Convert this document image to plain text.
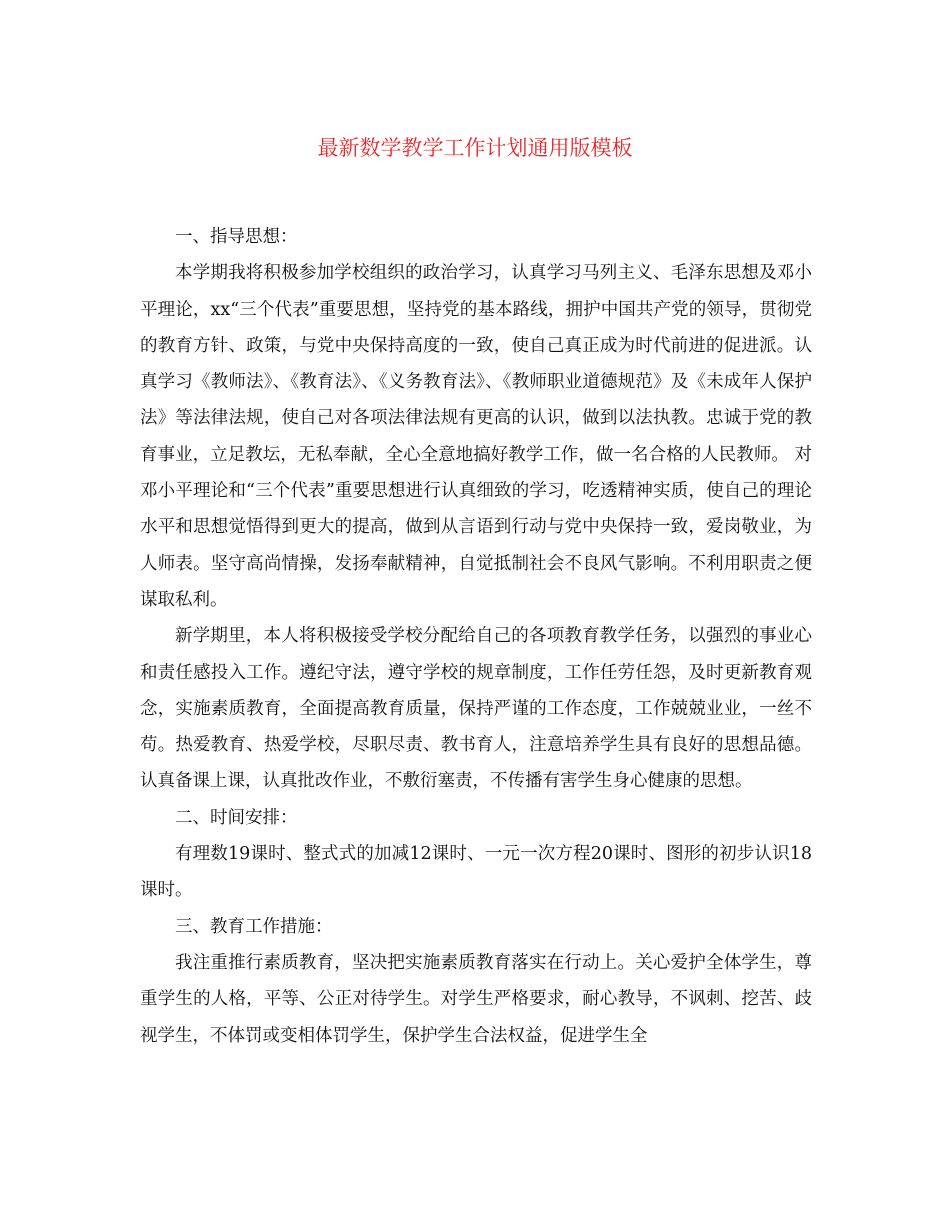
最新数学教学工作计划通用版模板

一、指导思想：

本学期我将积极参加学校组织的政治学习，认真学习马列主义、毛泽东思想及邓小平理论，xx“三个代表”重要思想，坚持党的基本路线，拥护中国共产党的领导，贯彻党的教育方针、政策，与党中央保持高度的一致，使自己真正成为时代前进的促进派。认真学习《教师法》、《教育法》、《义务教育法》、《教师职业道德规范》及《未成年人保护法》等法律法规，使自己对各项法律法规有更高的认识，做到以法执教。忠诚于党的教育事业，立足教坛，无私奉献，全心全意地搞好教学工作，做一名合格的人民教师。 对邓小平理论和“三个代表”重要思想进行认真细致的学习，吃透精神实质，使自己的理论水平和思想觉悟得到更大的提高，做到从言语到行动与党中央保持一致，爱岗敬业，为人师表。坚守高尚情操，发扬奉献精神，自觉抵制社会不良风气影响。不利用职责之便谋取私利。

新学期里，本人将积极接受学校分配给自己的各项教育教学任务，以强烈的事业心和责任感投入工作。遵纪守法，遵守学校的规章制度，工作任劳任怨，及时更新教育观念，实施素质教育，全面提高教育质量，保持严谨的工作态度，工作兢兢业业，一丝不苟。热爱教育、热爱学校，尽职尽责、教书育人，注意培养学生具有良好的思想品德。认真备课上课，认真批改作业，不敷衍塞责，不传播有害学生身心健康的思想。

二、时间安排：

有理数19课时、整式式的加减12课时、一元一次方程20课时、图形的初步认识18课时。

三、教育工作措施：

我注重推行素质教育，坚决把实施素质教育落实在行动上。关心爱护全体学生，尊重学生的人格，平等、公正对待学生。对学生严格要求，耐心教导，不讽刺、挖苦、歧视学生，不体罚或变相体罚学生，保护学生合法权益，促进学生全
